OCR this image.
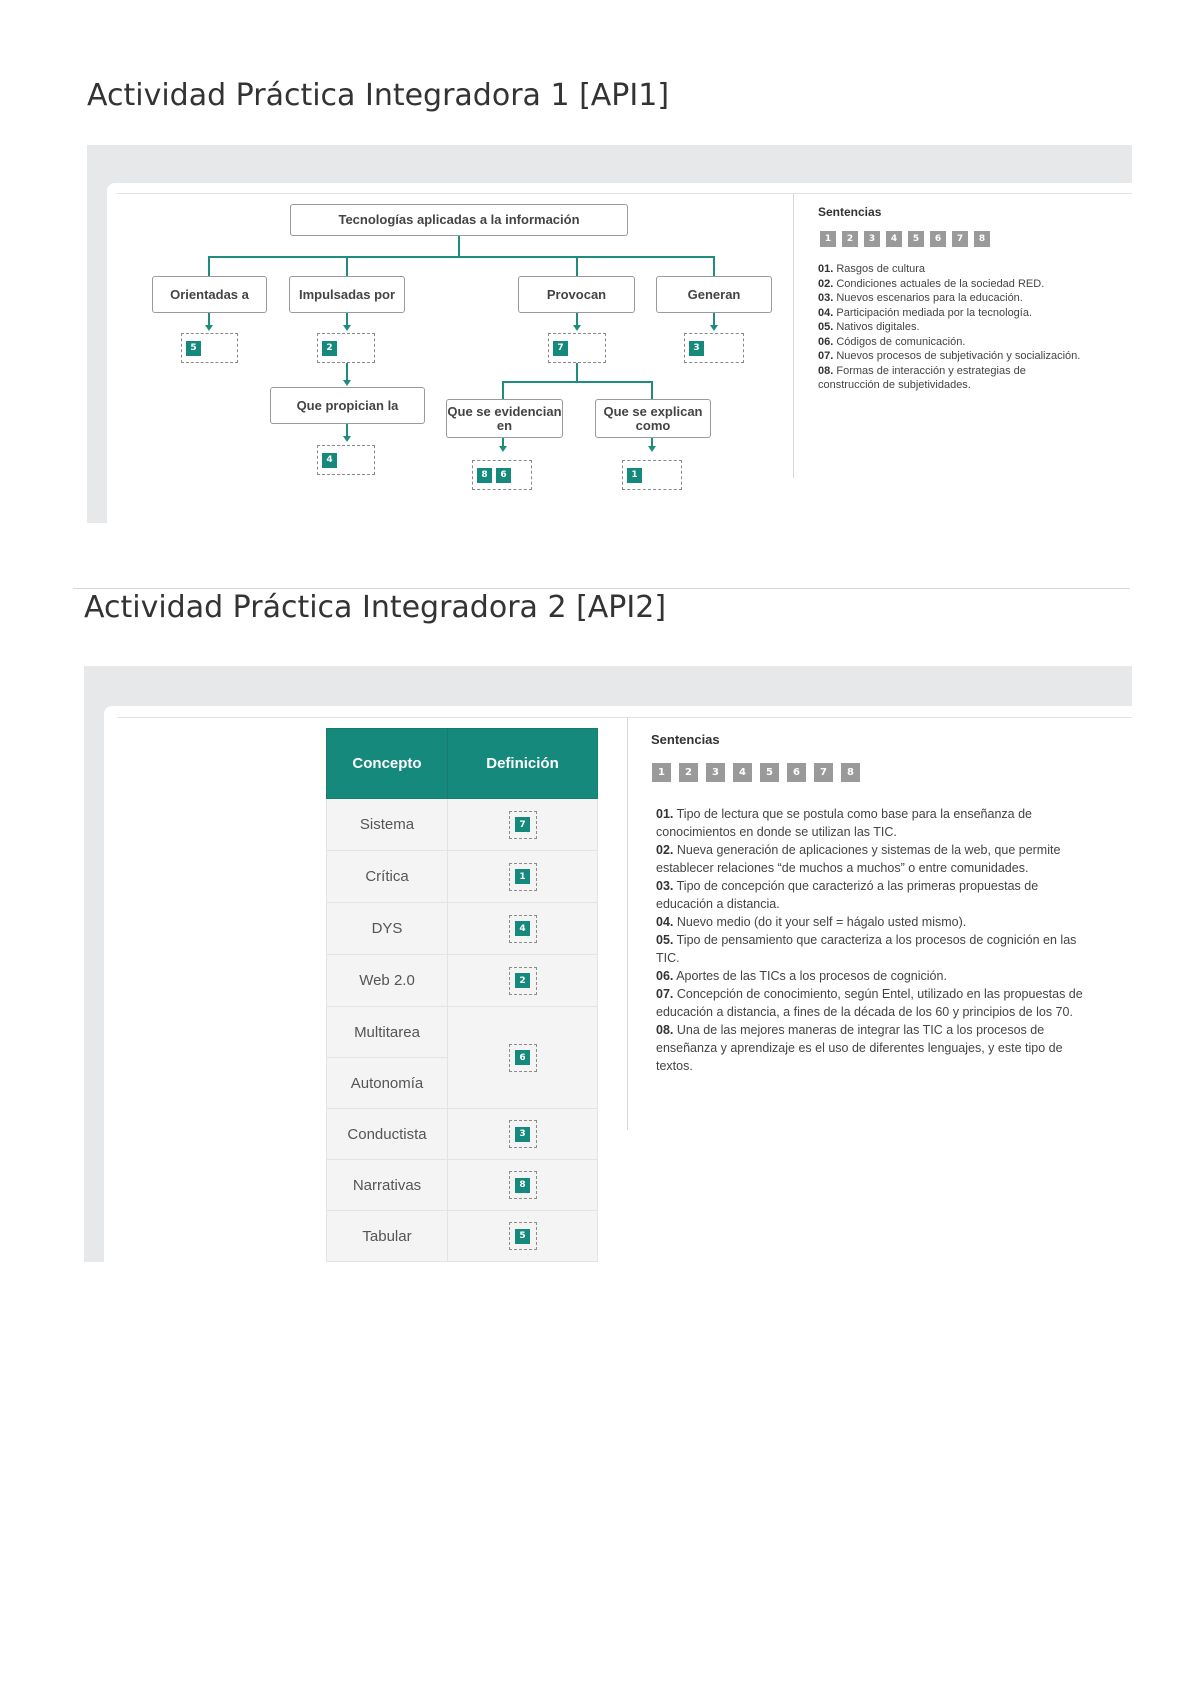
Actividad Práctica Integradora 1 [API1]
Tecnologías aplicadas a la información
Orientadas a	Impulsadas por	Provocan	Generan
5	2	7	3
Que propician la
4
Que se evidencian en
Que se explican como
8	6	1
Sentencias
1	2	3	4	5	6	7	8
01. Rasgos de cultura
02. Condiciones actuales de la sociedad RED.
03. Nuevos escenarios para la educación.
04. Participación mediada por la tecnología.
05. Nativos digitales.
06. Códigos de comunicación.
07. Nuevos procesos de subjetivación y socialización.
08. Formas de interacción y estrategias de construcción de subjetividades.
Actividad Práctica Integradora 2 [API2]
Concepto	Definición
Sistema	7

Crítica	1

DYS	4

Web 2.0	2

Multitarea	6

Autonomía	
Conductista	3

Narrativas	8

Tabular	5
Sentencias
1	2	3	4	5	6	7	8
01. Tipo de lectura que se postula como base para la enseñanza de conocimientos en donde se utilizan las TIC.
02. Nueva generación de aplicaciones y sistemas de la web, que permite establecer relaciones “de muchos a muchos” o entre comunidades.
03. Tipo de concepción que caracterizó a las primeras propuestas de educación a distancia.
04. Nuevo medio (do it your self = hágalo usted mismo).
05. Tipo de pensamiento que caracteriza a los procesos de cognición en las TIC.
06. Aportes de las TICs a los procesos de cognición.
07. Concepción de conocimiento, según Entel, utilizado en las propuestas de educación a distancia, a fines de la década de los 60 y principios de los 70.
08. Una de las mejores maneras de integrar las TIC a los procesos de enseñanza y aprendizaje es el uso de diferentes lenguajes, y este tipo de textos.
